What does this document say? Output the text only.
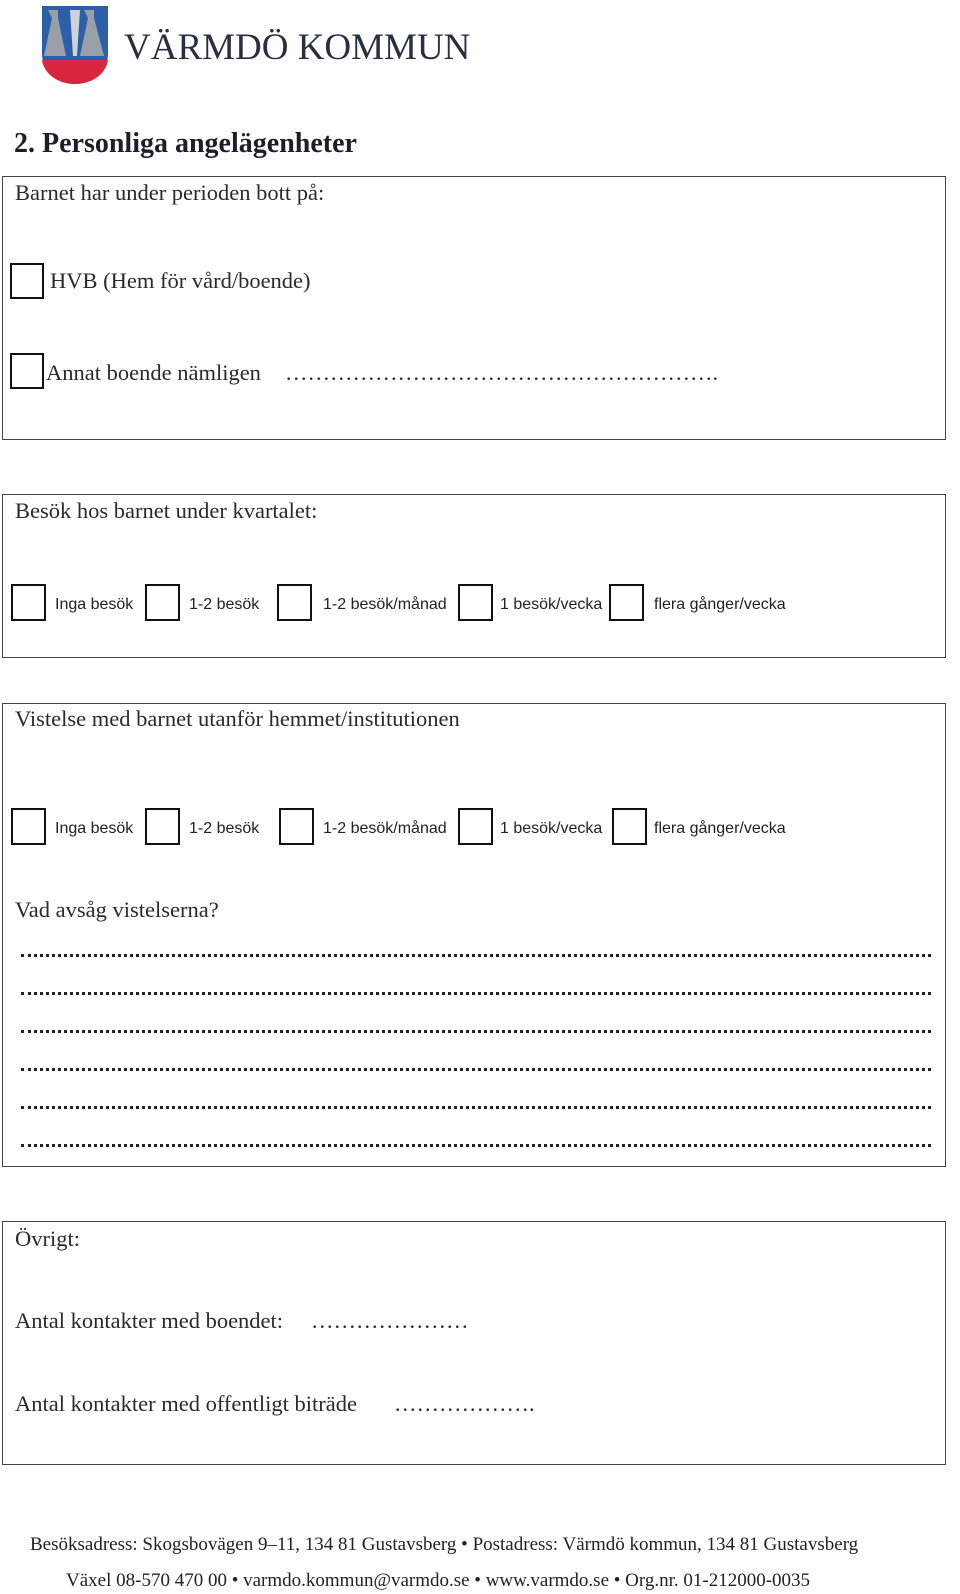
VÄRMDÖ KOMMUN
2. Personliga angelägenheter
Barnet har under perioden bott på:
HVB (Hem för vård/boende)
Annat boende nämligen ………………………………………………….
Besök hos barnet under kvartalet:
Inga besök	1-2 besök	1-2 besök/månad	1 besök/vecka	flera gånger/vecka
Vistelse med barnet utanför hemmet/institutionen
Inga besök	1-2 besök	1-2 besök/månad	1 besök/vecka	flera gånger/vecka
Vad avsåg vistelserna?
Övrigt:
Antal kontakter med boendet: …………………
Antal kontakter med offentligt biträde ……………….
Besöksadress: Skogsbovägen 9–11, 134 81 Gustavsberg • Postadress: Värmdö kommun, 134 81 Gustavsberg
Växel 08-570 470 00 • varmdo.kommun@varmdo.se • www.varmdo.se • Org.nr. 01-212000-0035
